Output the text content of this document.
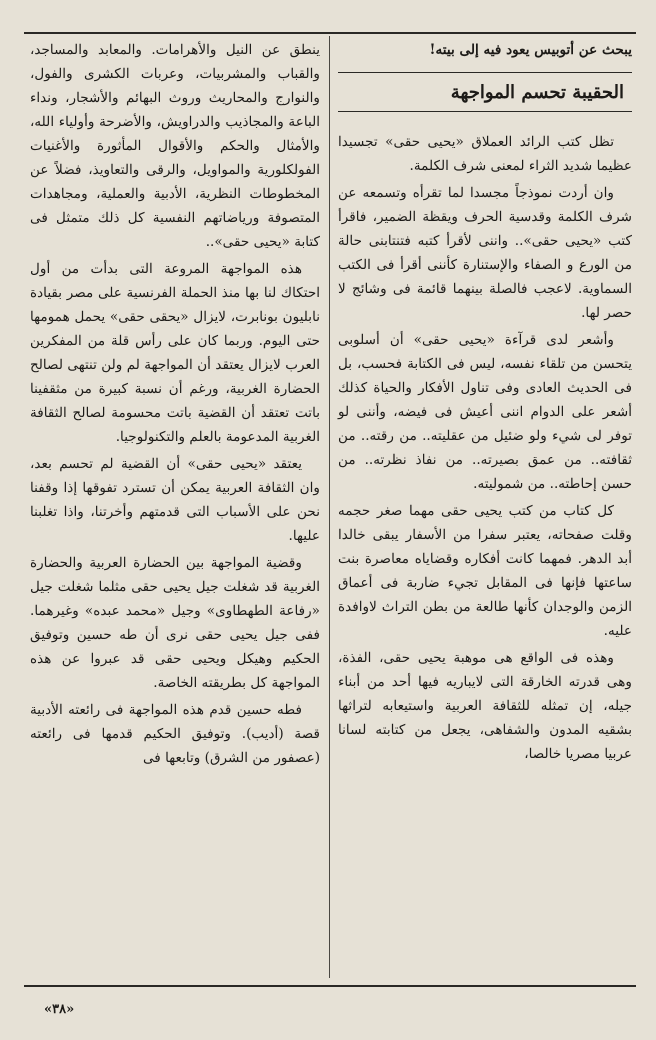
يبحث عن أتوبيس يعود فيه إلى بيته!

الحقيبة تحسم المواجهة

تظل كتب الرائد العملاق «يحيى حقى» تجسيدا عظيما شديد الثراء لمعنى شرف الكلمة.

وان أردت نموذجاً مجسدا لما تقرأه وتسمعه عن شرف الكلمة وقدسية الحرف ويقظة الضمير، فاقرأ كتب «يحيى حقى».. واننى لأقرأ كتبه فتنتابنى حالة من الورع و الصفاء والإستنارة كأننى أقرأ فى الكتب السماوية. لاعجب فالصلة بينهما قائمة فى وشائج لا حصر لها.

وأشعر لدى قرآءة «يحيى حقى» أن أسلوبى يتحسن من تلقاء نفسه، ليس فى الكتابة فحسب، بل فى الحديث العادى وفى تناول الأفكار والحياة كذلك أشعر على الدوام اننى أعيش فى فيضه، وأننى لو توفر لى شيء ولو ضئيل من عقليته.. من رقته.. من ثقافته.. من عمق بصيرته.. من نفاذ نظرته.. من حسن إحاطته.. من شموليته.

كل كتاب من كتب يحيى حقى مهما صغر حجمه وقلت صفحاته، يعتبر سفرا من الأسفار يبقى خالدا أبد الدهر. فمهما كانت أفكاره وقضاياه معاصرة بنت ساعتها فإنها فى المقابل تجيء ضاربة فى أعماق الزمن والوجدان كأنها طالعة من بطن التراث لاوافدة عليه.

وهذه فى الواقع هى موهبة يحيى حقى، الفذة، وهى قدرته الخارقة التى لايباريه فيها أحد من أبناء جيله، إن تمثله للثقافة العربية واستيعابه لتراثها بشقيه المدون والشفاهى، يجعل من كتابته لسانا عربيا مصريا خالصا،

ينطق عن النيل والأهرامات. والمعابد والمساجد، والقباب والمشربيات، وعربات الكشرى والفول، والنوارج والمحاريث وروث البهائم والأشجار، ونداء الباعة والمجاذيب والدراويش، والأضرحة وأولياء الله، والأمثال والحكم والأقوال المأثورة والأغنيات الفولكلورية والمواويل، والرقى والتعاويذ، فضلاً عن المخطوطات النظرية، الأدبية والعملية، ومجاهدات المتصوفة ورياضاتهم النفسية كل ذلك متمثل فى كتابة «يحيى حقى»..

هذه المواجهة المروعة التى بدأت من أول احتكاك لنا بها منذ الحملة الفرنسية على مصر بقيادة نابليون بونابرت، لايزال «يحقى حقى» يحمل همومها حتى اليوم. وربما كان على رأس قلة من المفكرين العرب لايزال يعتقد أن المواجهة لم ولن تنتهى لصالح الحضارة الغربية، ورغم أن نسبة كبيرة من مثقفينا باتت تعتقد أن القضية باتت محسومة لصالح الثقافة الغربية المدعومة بالعلم والتكنولوجيا.

يعتقد «يحيى حقى» أن القضية لم تحسم بعد، وان الثقافة العربية يمكن أن تسترد تفوقها إذا وقفنا نحن على الأسباب التى قدمتهم وأخرتنا، واذا تغلبنا عليها.

وقضية المواجهة بين الحضارة العربية والحضارة الغربية قد شغلت جيل يحيى حقى مثلما شغلت جيل «رفاعة الطهطاوى» وجيل «محمد عبده» وغيرهما. ففى جيل يحيى حقى نرى أن طه حسين وتوفيق الحكيم وهيكل ويحيى حقى قد عبروا عن هذه المواجهة كل بطريقته الخاصة.

فطه حسين قدم هذه المواجهة فى رائعته الأدبية قصة (أديب). وتوفيق الحكيم قدمها فى رائعته (عصفور من الشرق) وتابعها فى

«٣٨»
